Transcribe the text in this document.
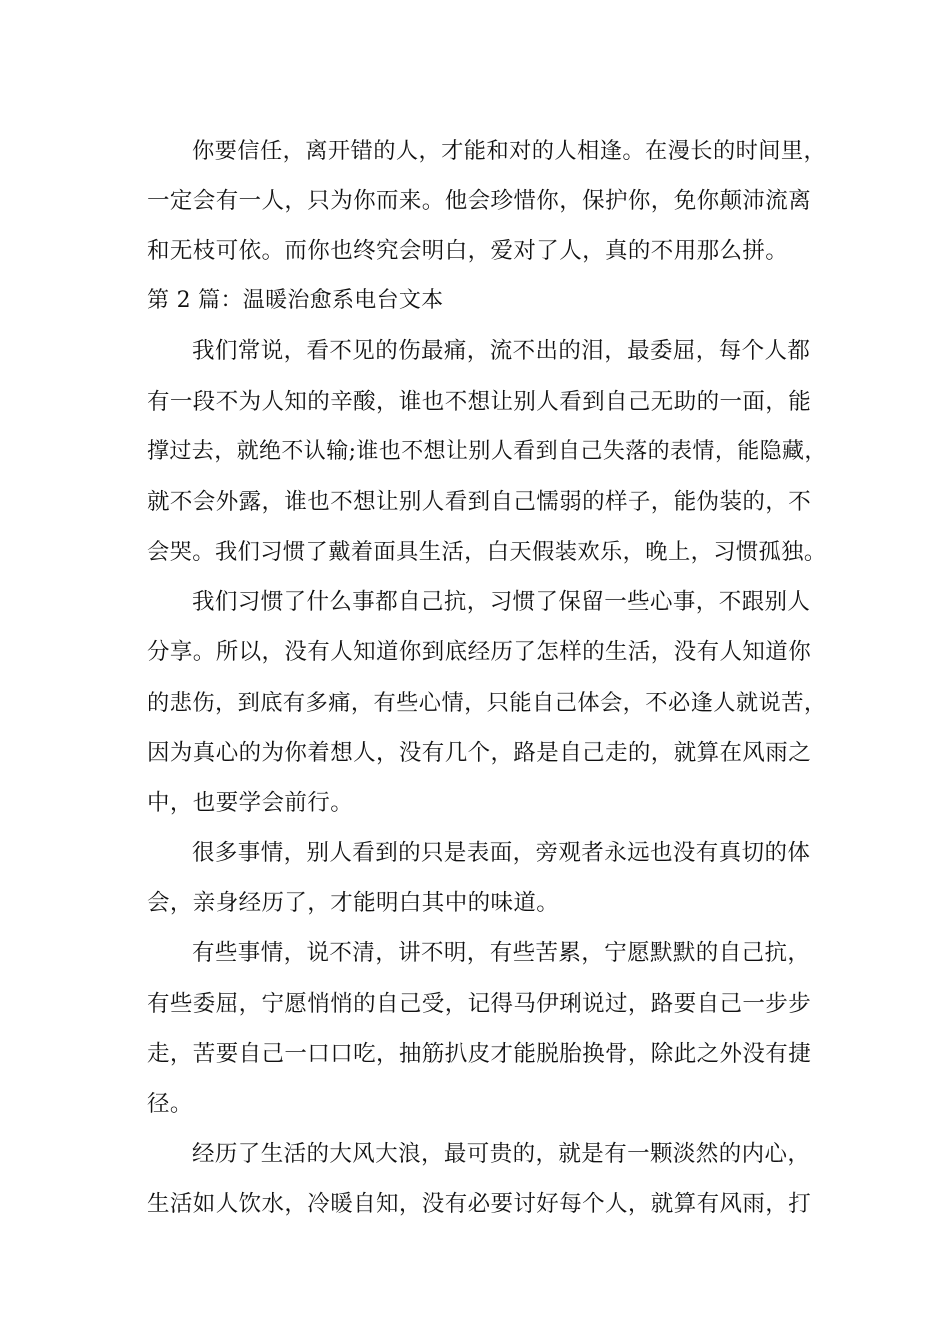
你要信任，离开错的人，才能和对的人相逢。在漫长的时间里，
一定会有一人，只为你而来。他会珍惜你，保护你，免你颠沛流离
和无枝可依。而你也终究会明白，爱对了人，真的不用那么拼。
第 2 篇：温暖治愈系电台文本
我们常说，看不见的伤最痛，流不出的泪，最委屈，每个人都
有一段不为人知的辛酸，谁也不想让别人看到自己无助的一面，能
撑过去，就绝不认输;谁也不想让别人看到自己失落的表情，能隐藏，
就不会外露，谁也不想让别人看到自己懦弱的样子，能伪装的，不
会哭。我们习惯了戴着面具生活，白天假装欢乐，晚上，习惯孤独。
我们习惯了什么事都自己抗，习惯了保留一些心事，不跟别人
分享。所以，没有人知道你到底经历了怎样的生活，没有人知道你
的悲伤，到底有多痛，有些心情，只能自己体会，不必逢人就说苦，
因为真心的为你着想人，没有几个，路是自己走的，就算在风雨之
中，也要学会前行。
很多事情，别人看到的只是表面，旁观者永远也没有真切的体
会，亲身经历了，才能明白其中的味道。
有些事情，说不清，讲不明，有些苦累，宁愿默默的自己抗，
有些委屈，宁愿悄悄的自己受，记得马伊琍说过，路要自己一步步
走，苦要自己一口口吃，抽筋扒皮才能脱胎换骨，除此之外没有捷
径。
经历了生活的大风大浪，最可贵的，就是有一颗淡然的内心，
生活如人饮水，冷暖自知，没有必要讨好每个人，就算有风雨，打
